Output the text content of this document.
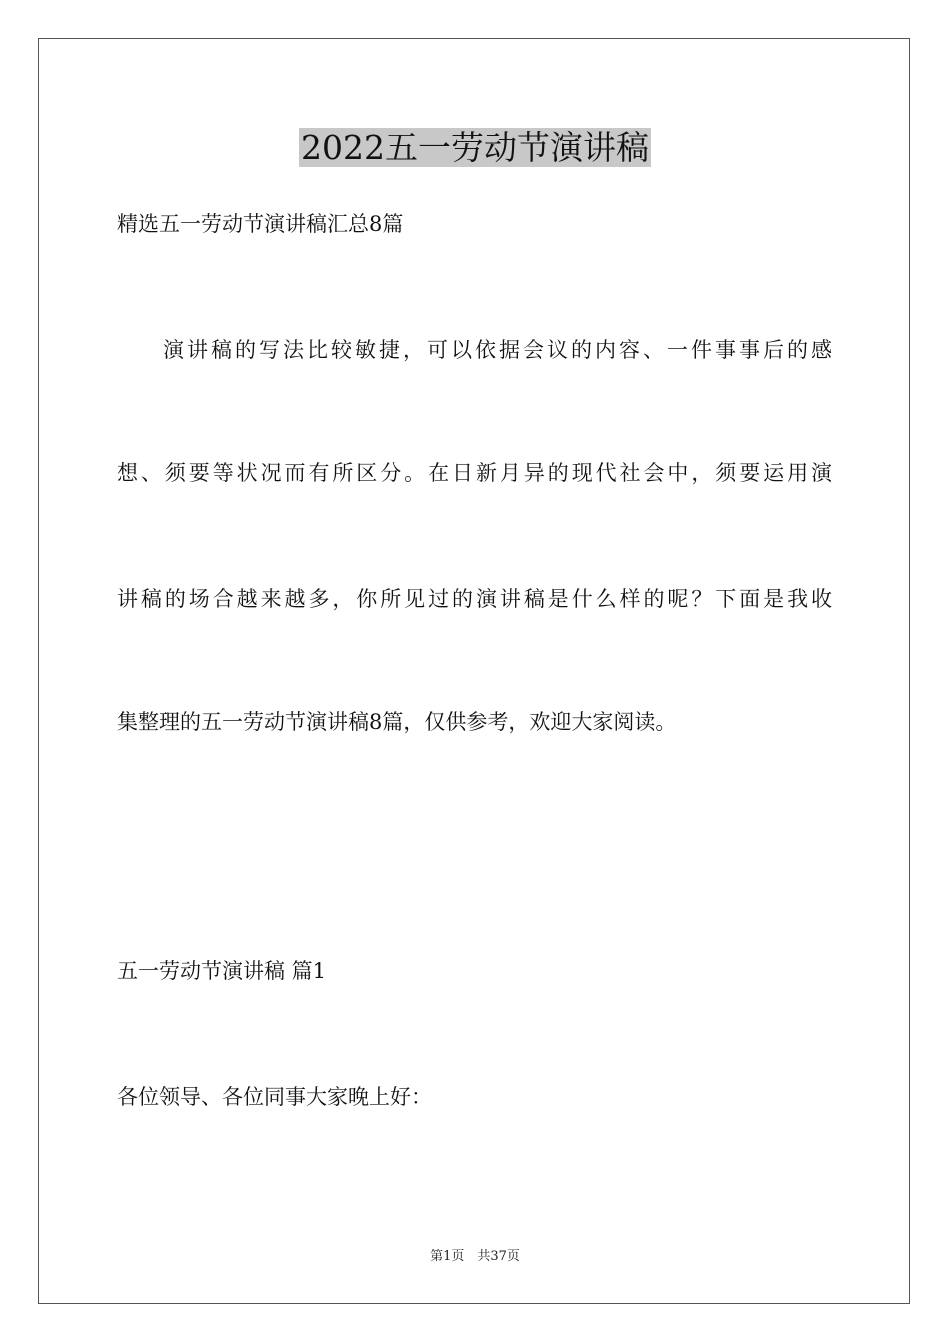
2022五一劳动节演讲稿
精选五一劳动节演讲稿汇总8篇
演讲稿的写法比较敏捷，可以依据会议的内容、一件事事后的感
想、须要等状况而有所区分。在日新月异的现代社会中，须要运用演
讲稿的场合越来越多，你所见过的演讲稿是什么样的呢？下面是我收
集整理的五一劳动节演讲稿8篇，仅供参考，欢迎大家阅读。
五一劳动节演讲稿 篇1
各位领导、各位同事大家晚上好：
第1页　共37页
